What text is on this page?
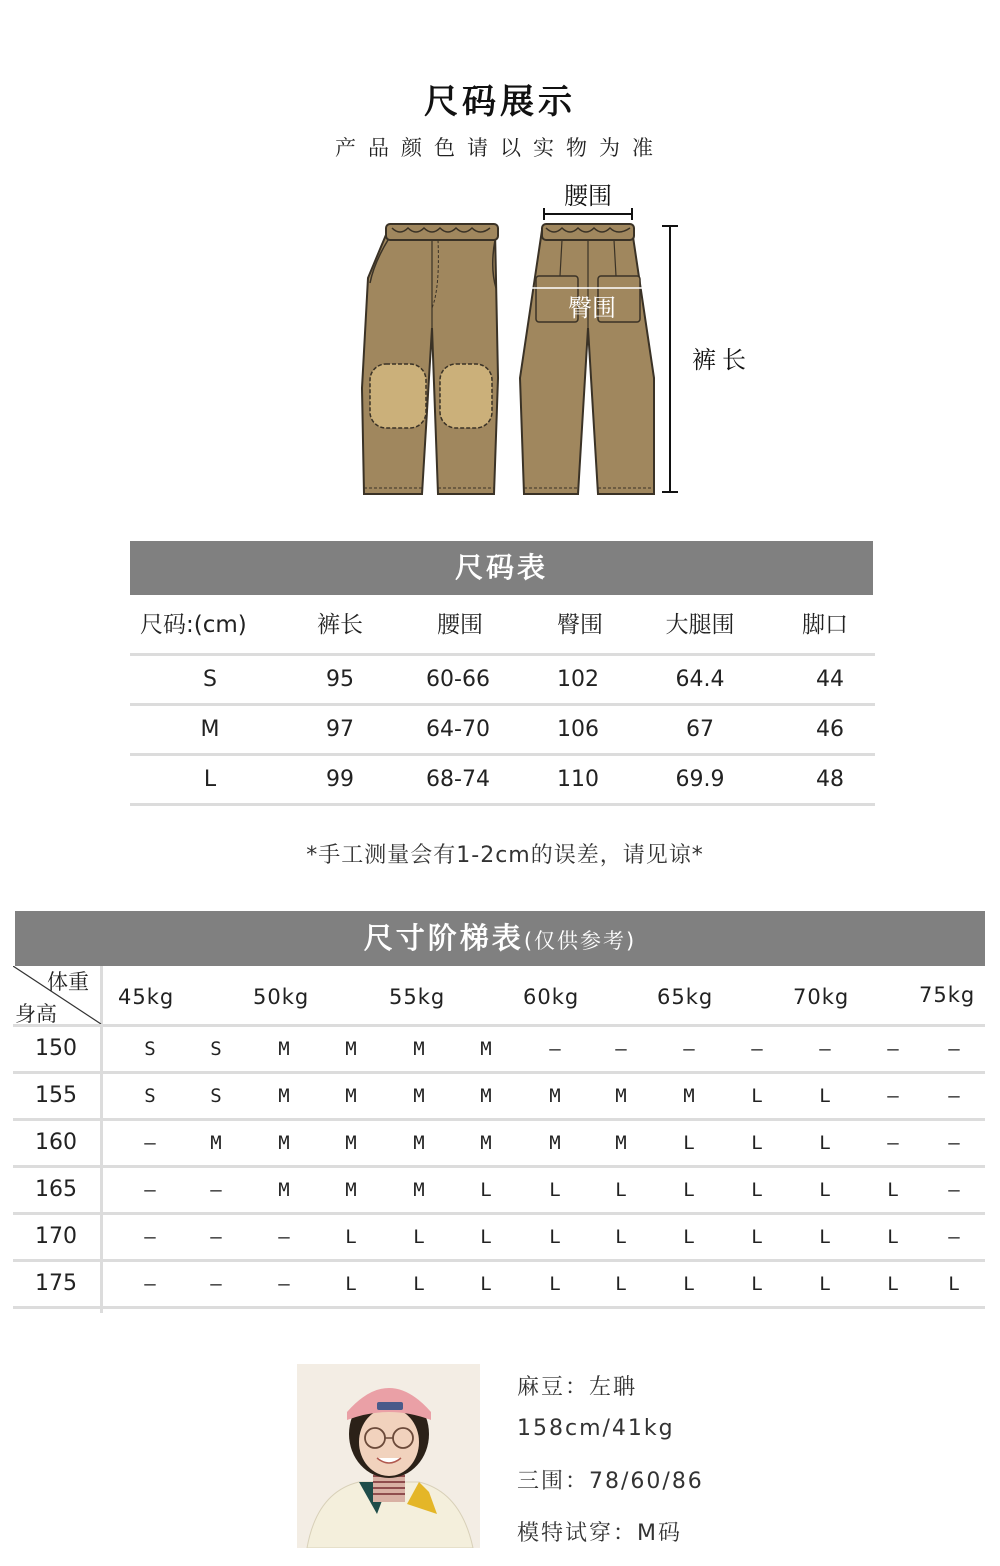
尺码展示
产品颜色请以实物为准
腰围
臀围
裤长
尺码表
尺码:(cm)	裤长	腰围	臀围	大腿围	脚口
S	95	60-66	102	64.4	44
M	97	64-70	106	67	46
L	99	68-74	110	69.9	48
*手工测量会有1-2cm的误差，请见谅*
尺寸阶梯表(仅供参考)
体重
身高
45kg	50kg	55kg	60kg	65kg	70kg	75kg
150	S	S	M	M	M	M	–	–	–	–	–	–	–
155	S	S	M	M	M	M	M	M	M	L	L	–	–
160	–	M	M	M	M	M	M	M	L	L	L	–	–
165	–	–	M	M	M	L	L	L	L	L	L	L	–
170	–	–	–	L	L	L	L	L	L	L	L	L	–
175	–	–	–	L	L	L	L	L	L	L	L	L	L
麻豆：左聃
158cm/41kg
三围：78/60/86
模特试穿：M码
